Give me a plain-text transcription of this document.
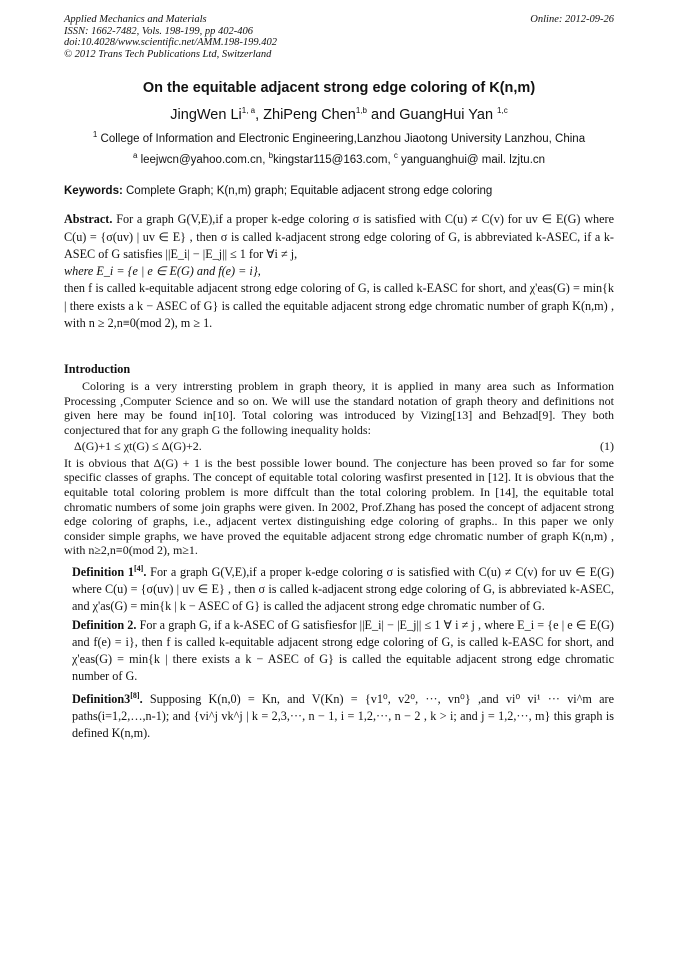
Applied Mechanics and Materials
ISSN: 1662-7482, Vols. 198-199, pp 402-406
doi:10.4028/www.scientific.net/AMM.198-199.402
© 2012 Trans Tech Publications Ltd, Switzerland
Online: 2012-09-26
On the equitable adjacent strong edge coloring of K(n,m)
JingWen Li$^{1, a}$, ZhiPeng Chen$^{1,b}$ and GuangHui Yan $^{1,c}$
$^1$ College of Information and Electronic Engineering,Lanzhou Jiaotong University Lanzhou, China
$^a$ leejwcn@yahoo.com.cn, $^b$kingstar115@163.com, $^c$ yanguanghui@ mail. lzjtu.cn
Keywords: Complete Graph; K(n,m) graph; Equitable adjacent strong edge coloring
Abstract. For a graph G(V,E),if a proper k-edge coloring σ is satisfied with C(u) ≠ C(v) for uv ∈ E(G) where C(u) = {σ(uv) | uv ∈ E} , then σ is called k-adjacent strong edge coloring of G, is abbreviated k-ASEC, if a k-ASEC of G satisfies ||E_i| − |E_j|| ≤ 1 for ∀i ≠ j,
where E_i = {e | e ∈ E(G) and f(e) = i},
then f is called k-equitable adjacent strong edge coloring of G, is called k-EASC for short, and χ'eas(G) = min{k | there exists a k − ASEC of G} is called the equitable adjacent strong edge chromatic number of graph K(n,m) , with n ≥ 2,n≡0(mod 2), m ≥ 1.
Introduction
Coloring is a very intrersting problem in graph theory, it is applied in many area such as Information Processing ,Computer Science and so on. We will use the standard notation of graph theory and definitions not given here may be found in[10]. Total coloring was introduced by Vizing[13] and Behzad[9]. They both conjectured that for any graph G the following inequality holds:
Δ(G)+1 ≤ χt(G) ≤ Δ(G)+2.	(1)
It is obvious that Δ(G) + 1 is the best possible lower bound. The conjecture has been proved so far for some specific classes of graphs. The concept of equitable total coloring wasfirst presented in [12]. It is obvious that the equitable total coloring problem is more diffcult than the total coloring problem. In [14], the equitable total chromatic numbers of some join graphs were given. In 2002, Prof.Zhang has posed the concept of adjacent strong edge coloring of graphs, i.e., adjacent vertex distinguishing edge coloring of graphs.. In this paper we only consider simple graphs, we have proved the equitable adjacent strong edge chromatic number of graph K(n,m) , with n≥2,n≡0(mod 2), m≥1.
Definition 1[4]. For a graph G(V,E),if a proper k-edge coloring σ is satisfied with C(u) ≠ C(v) for uv ∈ E(G) where C(u) = {σ(uv) | uv ∈ E} , then σ is called k-adjacent strong edge coloring of G, is abbreviated k-ASEC, and χ'as(G) = min{k | k − ASEC of G} is called the adjacent strong edge chromatic number of G.
Definition 2. For a graph G, if a k-ASEC of G satisfiesfor ||E_i| − |E_j|| ≤ 1 ∀ i ≠ j , where E_i = {e | e ∈ E(G) and f(e) = i}, then f is called k-equitable adjacent strong edge coloring of G, is called k-EASC for short, and χ'eas(G) = min{k | there exists a k − ASEC of G} is called the equitable adjacent strong edge chromatic number of G.
Definition3[8]. Supposing K(n,0) = Kn, and V(Kn) = {v1⁰, v2⁰, ···, vn⁰} ,and vi⁰ vi¹ ··· vi^m are paths(i=1,2,…,n-1); and {vi^j vk^j | k = 2,3,···, n − 1, i = 1,2,···, n − 2 , k > i; and j = 1,2,···, m} this graph is defined K(n,m).
